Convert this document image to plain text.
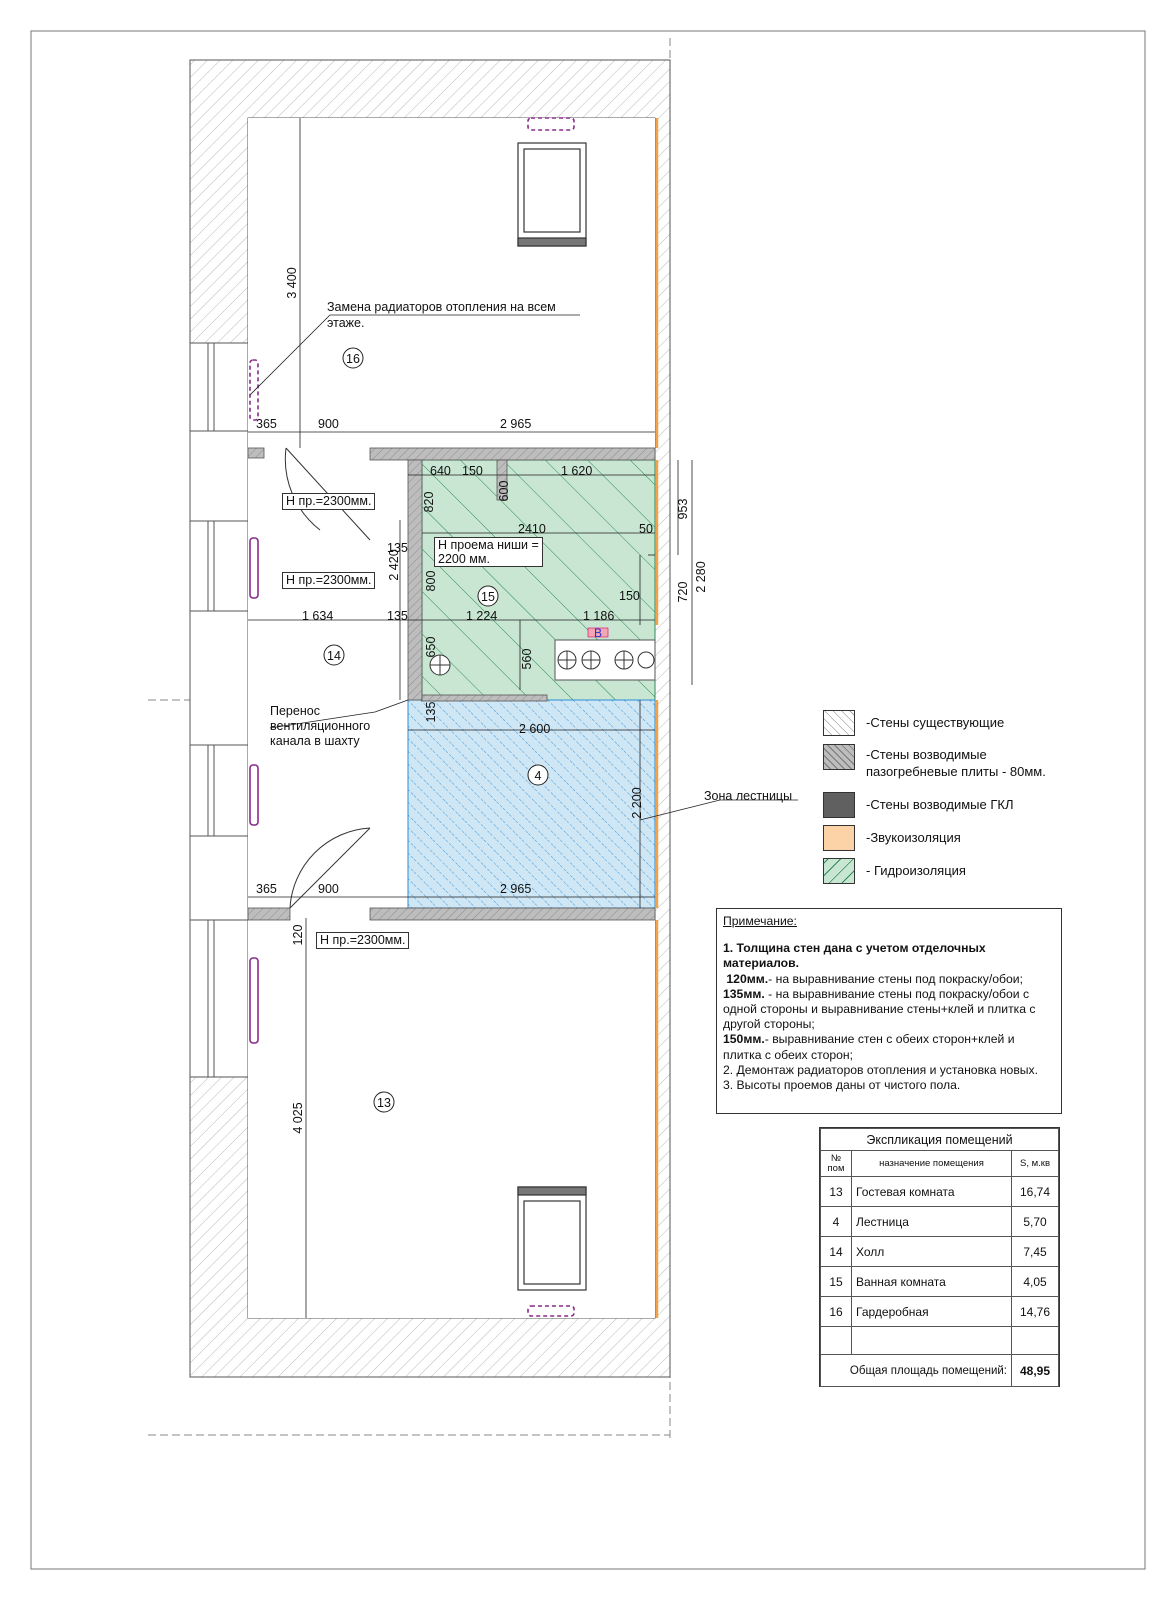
3 400
365	900	2 965
640 150	1 620
820
600
953
2410	50
135
2 420
800
720 2 280
150
1 634	135	1 224	1 186
650
560
135
2 600
2 200
365	900	2 965
120
4 025
16
15
14
4
13
В
Н пр.=2300мм.
Н пр.=2300мм.
Н пр.=2300мм.
Н проема ниши =
2200 мм.
Замена радиаторов отопления на всем
этаже.
Перенос
вентиляционного
канала в шахту
Зона лестницы
-Стены существующие
-Стены возводимые
пазогребневые плиты - 80мм.
-Стены возводимые ГКЛ
-Звукоизоляция
- Гидроизоляция

Примечание:

1. Толщина стен дана с учетом отделочных материалов.

120мм.- на выравнивание стены под покраску/обои;

135мм. - на выравнивание стены под покраску/обои с одной стороны и выравнивание стены+клей и плитка с другой стороны;

150мм.- выравнивание стен с обеих сторон+клей и плитка с обеих сторон;

2. Демонтаж радиаторов отопления и установка новых.

3. Высоты проемов даны от чистого пола.

Экспликация помещений		
№ пом	назначение помещения	S, м.кв
13	Гостевая комната	16,74
4	Лестница	5,70
14	Холл	7,45
15	Ванная комната	4,05
16	Гардеробная	14,76

Общая площадь помещений:		48,95
